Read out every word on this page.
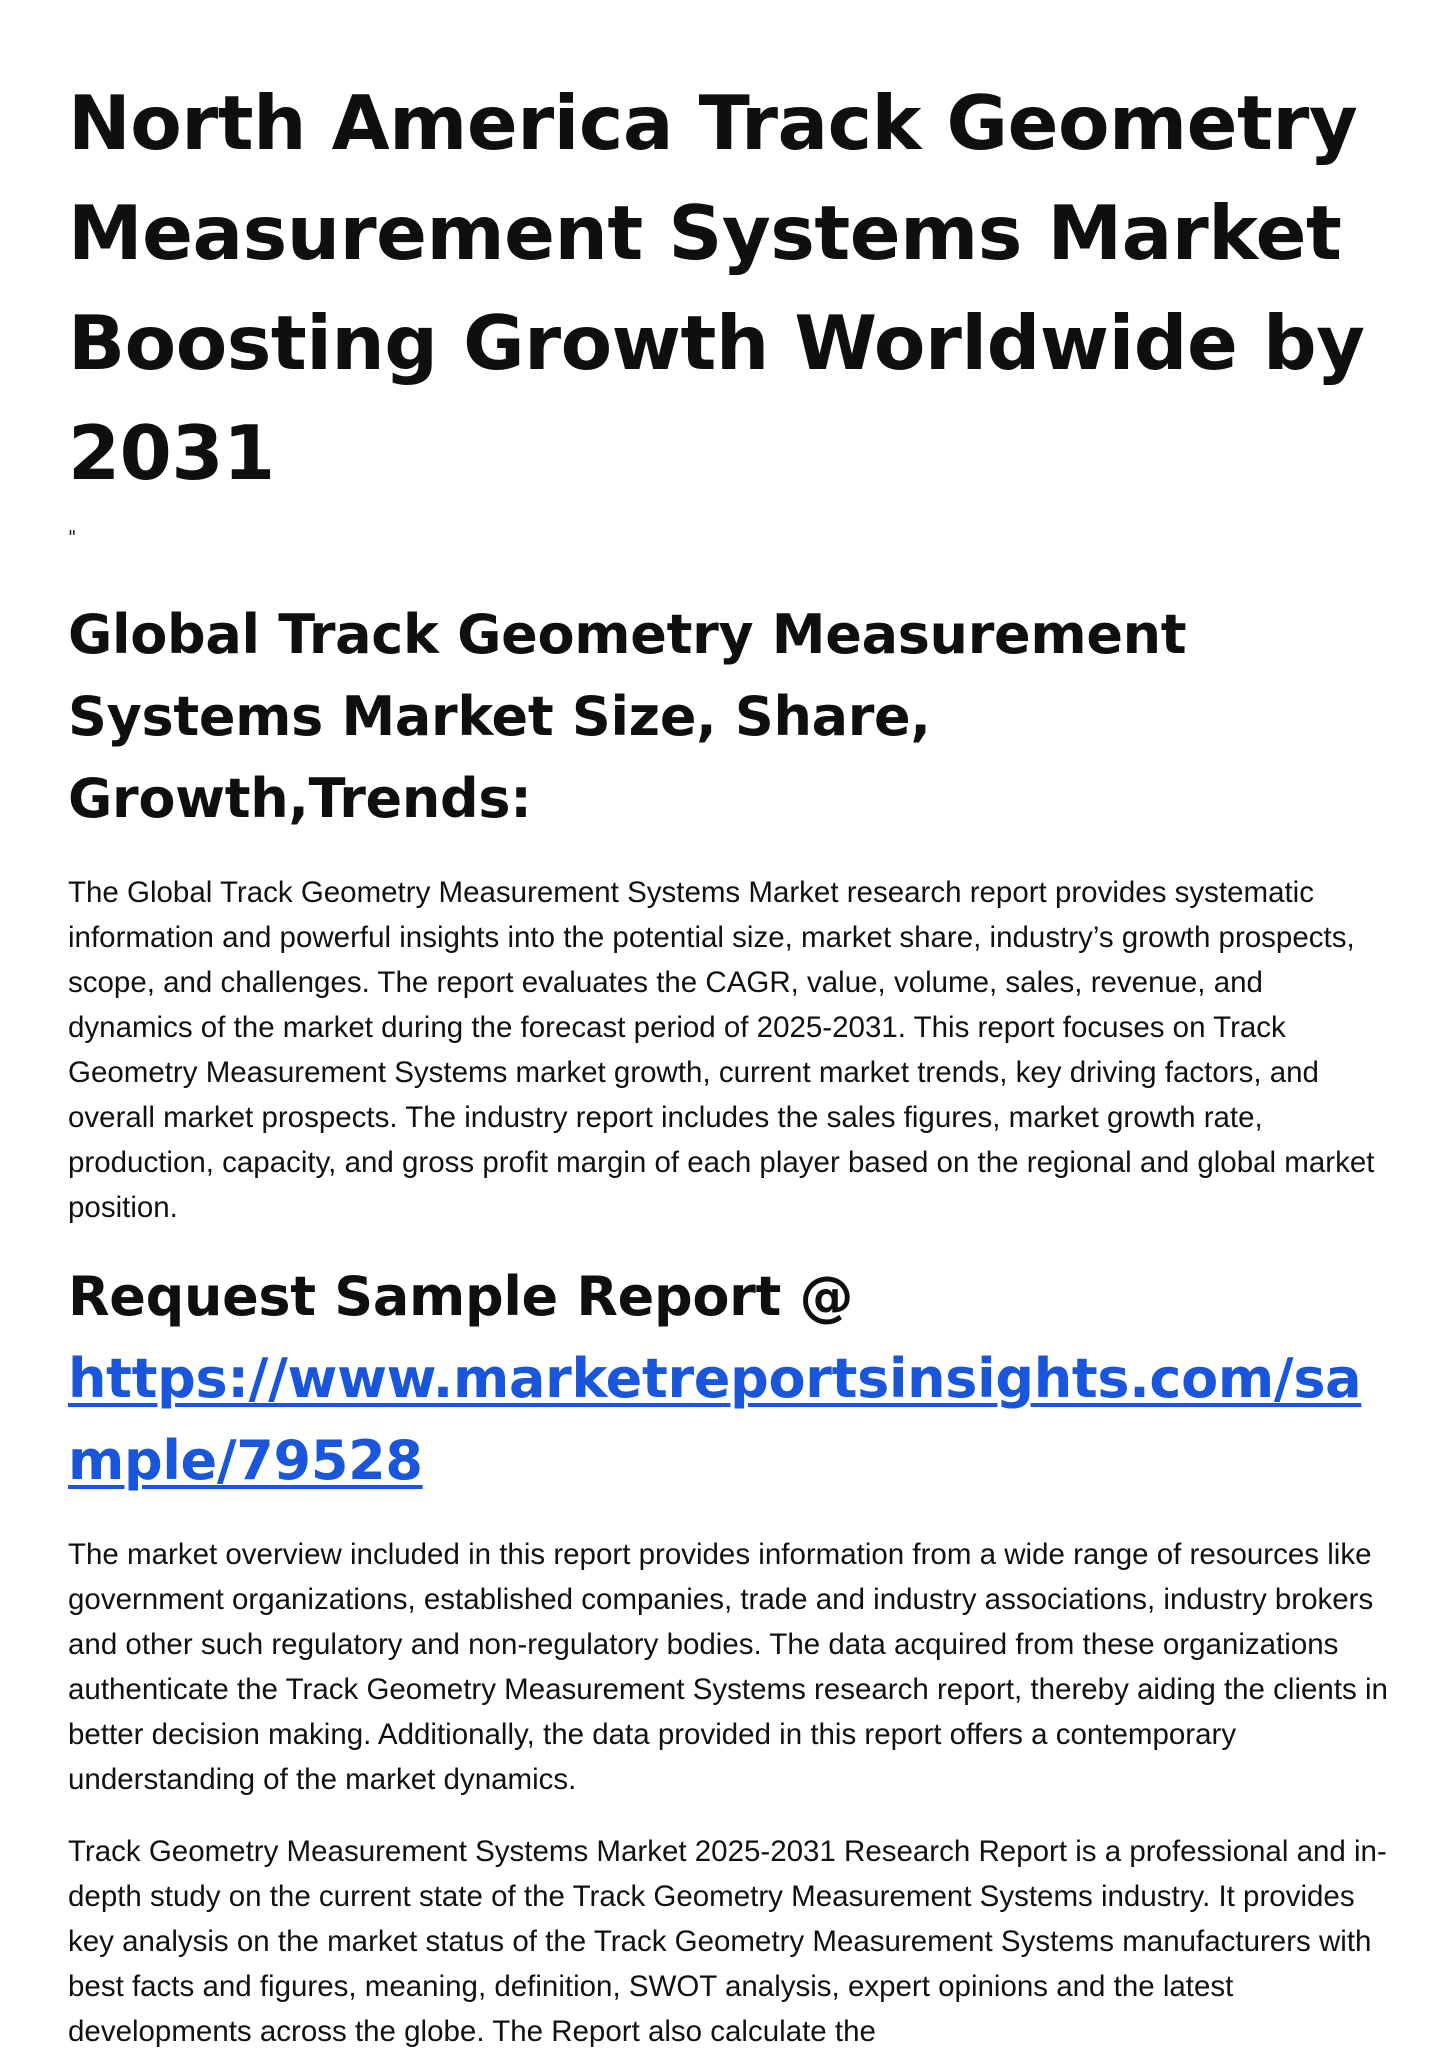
North America Track Geometry Measurement Systems Market Boosting Growth Worldwide by 2031
"
Global Track Geometry Measurement Systems Market Size, Share, Growth,Trends:

The Global Track Geometry Measurement Systems Market research report provides systematic information and powerful insights into the potential size, market share, industry’s growth prospects, scope, and challenges. The report evaluates the CAGR, value, volume, sales, revenue, and dynamics of the market during the forecast period of 2025-2031. This report focuses on Track Geometry Measurement Systems market growth, current market trends, key driving factors, and overall market prospects. The industry report includes the sales figures, market growth rate, production, capacity, and gross profit margin of each player based on the regional and global market position.

Request Sample Report @
https://www.marketreportsinsights.com/sample/79528

The market overview included in this report provides information from a wide range of resources like government organizations, established companies, trade and industry associations, industry brokers and other such regulatory and non-regulatory bodies. The data acquired from these organizations authenticate the Track Geometry Measurement Systems research report, thereby aiding the clients in better decision making. Additionally, the data provided in this report offers a contemporary understanding of the market dynamics.

Track Geometry Measurement Systems Market 2025-2031 Research Report is a professional and in-depth study on the current state of the Track Geometry Measurement Systems industry. It provides key analysis on the market status of the Track Geometry Measurement Systems manufacturers with best facts and figures, meaning, definition, SWOT analysis, expert opinions and the latest developments across the globe. The Report also calculate the
